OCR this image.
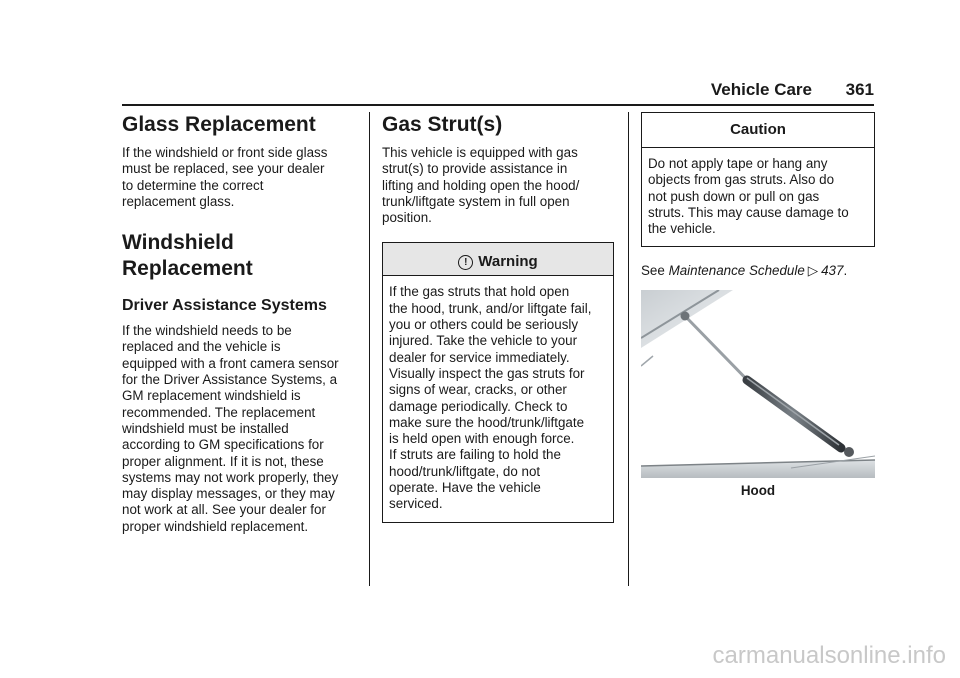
Vehicle Care 361
Glass Replacement

If the windshield or front side glass

must be replaced, see your dealer

to determine the correct

replacement glass.

Windshield Replacement
Driver Assistance Systems

If the windshield needs to be

replaced and the vehicle is

equipped with a front camera sensor

for the Driver Assistance Systems, a

GM replacement windshield is

recommended. The replacement

windshield must be installed

according to GM specifications for

proper alignment. If it is not, these

systems may not work properly, they

may display messages, or they may

not work at all. See your dealer for

proper windshield replacement.

Gas Strut(s)

This vehicle is equipped with gas

strut(s) to provide assistance in

lifting and holding open the hood/

trunk/liftgate system in full open

position.

! Warning

If the gas struts that hold open

the hood, trunk, and/or liftgate fail,

you or others could be seriously

injured. Take the vehicle to your

dealer for service immediately.

Visually inspect the gas struts for

signs of wear, cracks, or other

damage periodically. Check to

make sure the hood/trunk/liftgate

is held open with enough force.

If struts are failing to hold the

hood/trunk/liftgate, do not

operate. Have the vehicle

serviced.

Caution

Do not apply tape or hang any

objects from gas struts. Also do

not push down or pull on gas

struts. This may cause damage to

the vehicle.

See Maintenance Schedule ▷ 437.

Hood
carmanualsonline.info
